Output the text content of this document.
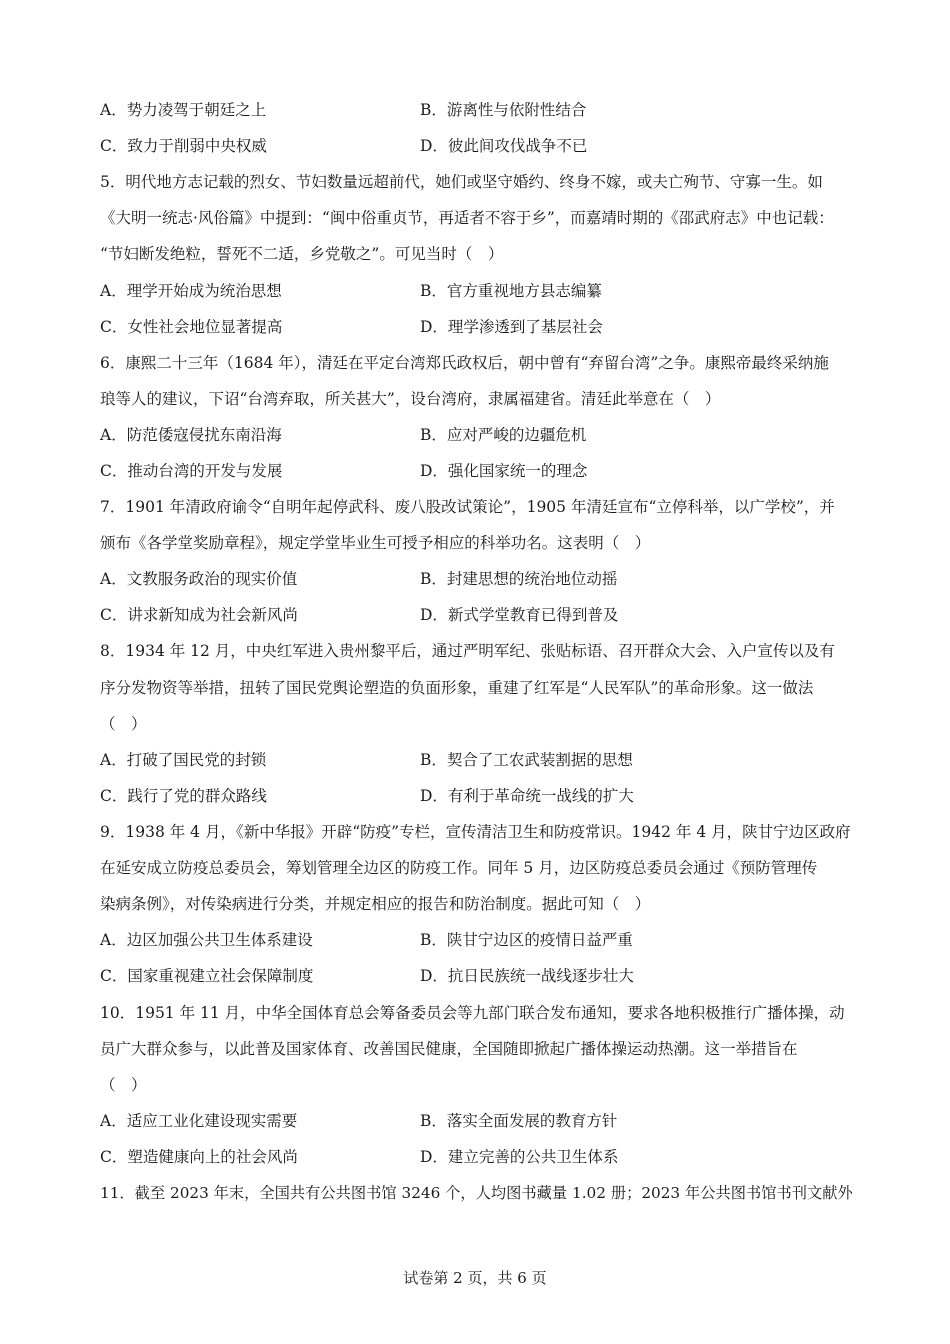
A．势力凌驾于朝廷之上	B．游离性与依附性结合
C．致力于削弱中央权威	D．彼此间攻伐战争不已
5．明代地方志记载的烈女、节妇数量远超前代，她们或坚守婚约、终身不嫁，或夫亡殉节、守寡一生。如
《大明一统志·风俗篇》中提到：“闽中俗重贞节，再适者不容于乡”，而嘉靖时期的《邵武府志》中也记载：
“节妇断发绝粒，誓死不二适，乡党敬之”。可见当时（　）
A．理学开始成为统治思想	B．官方重视地方县志编纂
C．女性社会地位显著提高	D．理学渗透到了基层社会
6．康熙二十三年（1684 年），清廷在平定台湾郑氏政权后，朝中曾有“弃留台湾”之争。康熙帝最终采纳施
琅等人的建议，下诏“台湾弃取，所关甚大”，设台湾府，隶属福建省。清廷此举意在（　）
A．防范倭寇侵扰东南沿海	B．应对严峻的边疆危机
C．推动台湾的开发与发展	D．强化国家统一的理念
7．1901 年清政府谕令“自明年起停武科、废八股改试策论”，1905 年清廷宣布“立停科举，以广学校”，并
颁布《各学堂奖励章程》，规定学堂毕业生可授予相应的科举功名。这表明（　）
A．文教服务政治的现实价值	B．封建思想的统治地位动摇
C．讲求新知成为社会新风尚	D．新式学堂教育已得到普及
8．1934 年 12 月，中央红军进入贵州黎平后，通过严明军纪、张贴标语、召开群众大会、入户宣传以及有
序分发物资等举措，扭转了国民党舆论塑造的负面形象，重建了红军是“人民军队”的革命形象。这一做法
（　）
A．打破了国民党的封锁	B．契合了工农武装割据的思想
C．践行了党的群众路线	D．有利于革命统一战线的扩大
9．1938 年 4 月，《新中华报》开辟“防疫”专栏，宣传清洁卫生和防疫常识。1942 年 4 月，陕甘宁边区政府
在延安成立防疫总委员会，筹划管理全边区的防疫工作。同年 5 月，边区防疫总委员会通过《预防管理传
染病条例》，对传染病进行分类，并规定相应的报告和防治制度。据此可知（　）
A．边区加强公共卫生体系建设	B．陕甘宁边区的疫情日益严重
C．国家重视建立社会保障制度	D．抗日民族统一战线逐步壮大
10．1951 年 11 月，中华全国体育总会筹备委员会等九部门联合发布通知，要求各地积极推行广播体操，动
员广大群众参与，以此普及国家体育、改善国民健康，全国随即掀起广播体操运动热潮。这一举措旨在
（　）
A．适应工业化建设现实需要	B．落实全面发展的教育方针
C．塑造健康向上的社会风尚	D．建立完善的公共卫生体系
11．截至 2023 年末，全国共有公共图书馆 3246 个，人均图书藏量 1.02 册；2023 年公共图书馆书刊文献外
试卷第 2 页，共 6 页
